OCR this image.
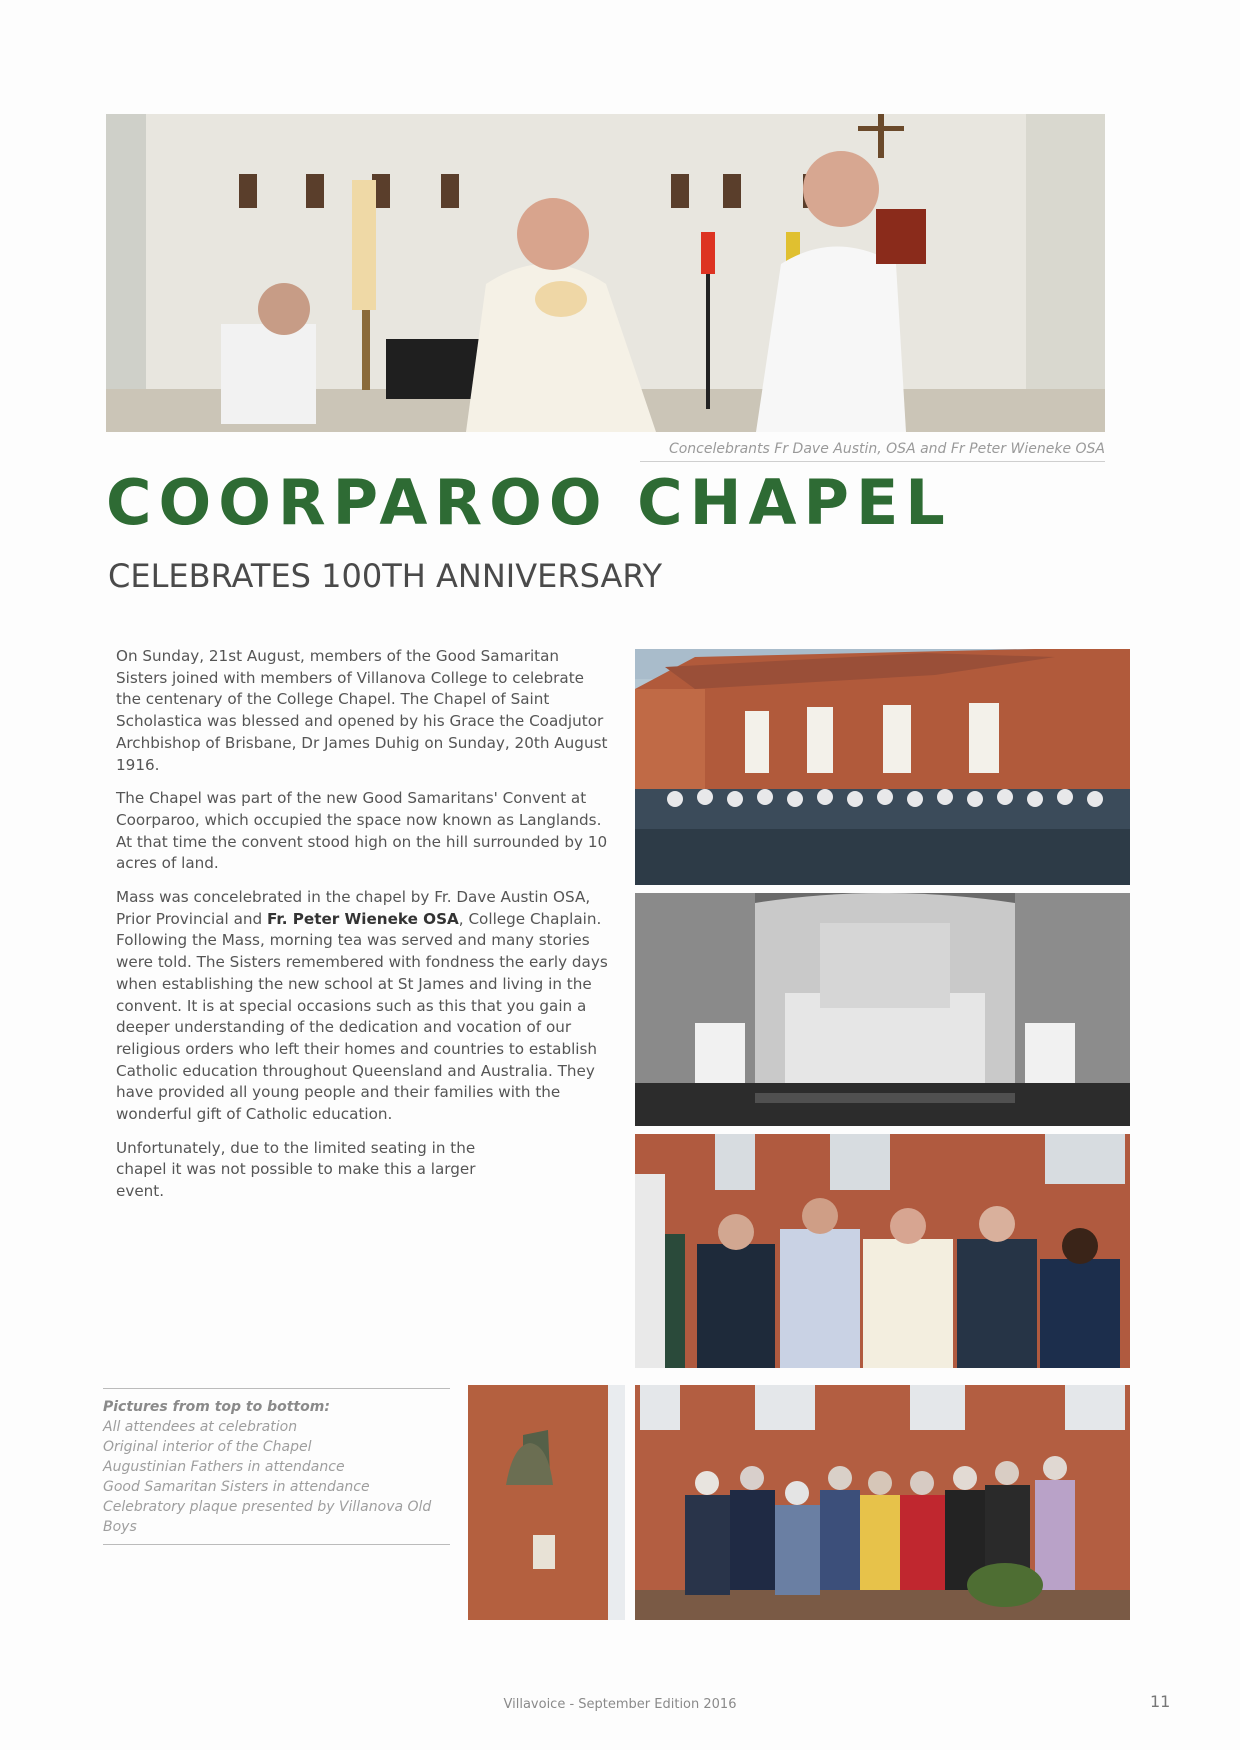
Concelebrants Fr Dave Austin, OSA and Fr Peter Wieneke OSA
COORPAROO CHAPEL
CELEBRATES 100TH ANNIVERSARY

On Sunday, 21st August, members of the Good Samaritan Sisters joined with members of Villanova College to celebrate the centenary of the College Chapel. The Chapel of Saint Scholastica was blessed and opened by his Grace the Coadjutor Archbishop of Brisbane, Dr James Duhig on Sunday, 20th August 1916.

The Chapel was part of the new Good Samaritans' Convent at Coorparoo, which occupied the space now known as Langlands. At that time the convent stood high on the hill surrounded by 10 acres of land.

Mass was concelebrated in the chapel by Fr. Dave Austin OSA, Prior Provincial and Fr. Peter Wieneke OSA, College Chaplain. Following the Mass, morning tea was served and many stories were told. The Sisters remembered with fondness the early days when establishing the new school at St James and living in the convent. It is at special occasions such as this that you gain a deeper understanding of the dedication and vocation of our religious orders who left their homes and countries to establish Catholic education throughout Queensland and Australia. They have provided all young people and their families with the wonderful gift of Catholic education.

Unfortunately, due to the limited seating in the chapel it was not possible to make this a larger event.

Pictures from top to bottom:
All attendees at celebration
Original interior of the Chapel
Augustinian Fathers in attendance
Good Samaritan Sisters in attendance
Celebratory plaque presented by Villanova Old Boys
Villavoice - September Edition 2016	11
